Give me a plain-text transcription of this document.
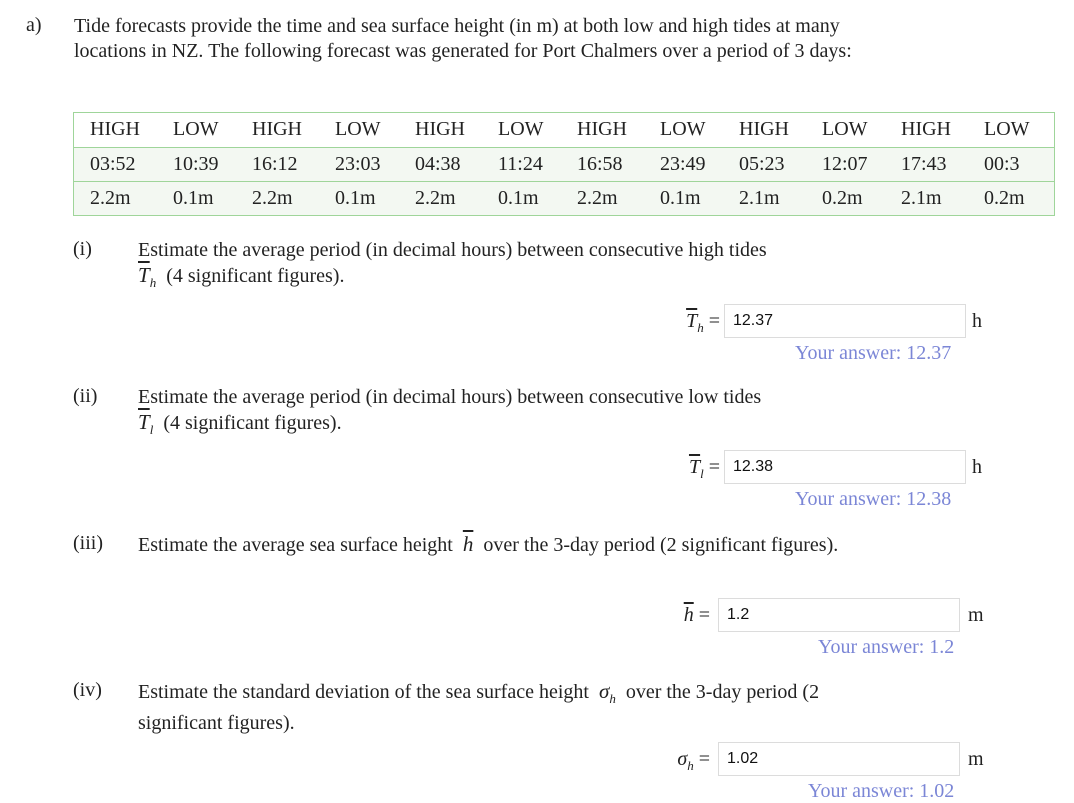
a) Tide forecasts provide the time and sea surface height (in m) at both low and high tides at many locations in NZ. The following forecast was generated for Port Chalmers over a period of 3 days:
HIGH	LOW	HIGH	LOW	HIGH	LOW	HIGH	LOW	HIGH	LOW	HIGH	LOW
03:52	10:39	16:12	23:03	04:38	11:24	16:58	23:49	05:23	12:07	17:43	00:3
2.2m	0.1m	2.2m	0.1m	2.2m	0.1m	2.2m	0.1m	2.1m	0.2m	2.1m	0.2m
(i) Estimate the average period (in decimal hours) between consecutive high tides
$\overline{T}_h$ (4 significant figures).
$\overline{T}_h = 12.37$	h
Your answer: 12.37
(ii) Estimate the average period (in decimal hours) between consecutive low tides
$\overline{T}_l$ (4 significant figures).
$\overline{T}_l = 12.38$	h
Your answer: 12.38
(iii) Estimate the average sea surface height $\overline{h}$ over the 3-day period (2 significant figures).
$\overline{h}$ =	1.2	m
Your answer: 1.2
(iv) Estimate the standard deviation of the sea surface height $\sigma_h$ over the 3-day period (2 significant figures).
$\sigma_h$ =	1.02	m
Your answer: 1.02
